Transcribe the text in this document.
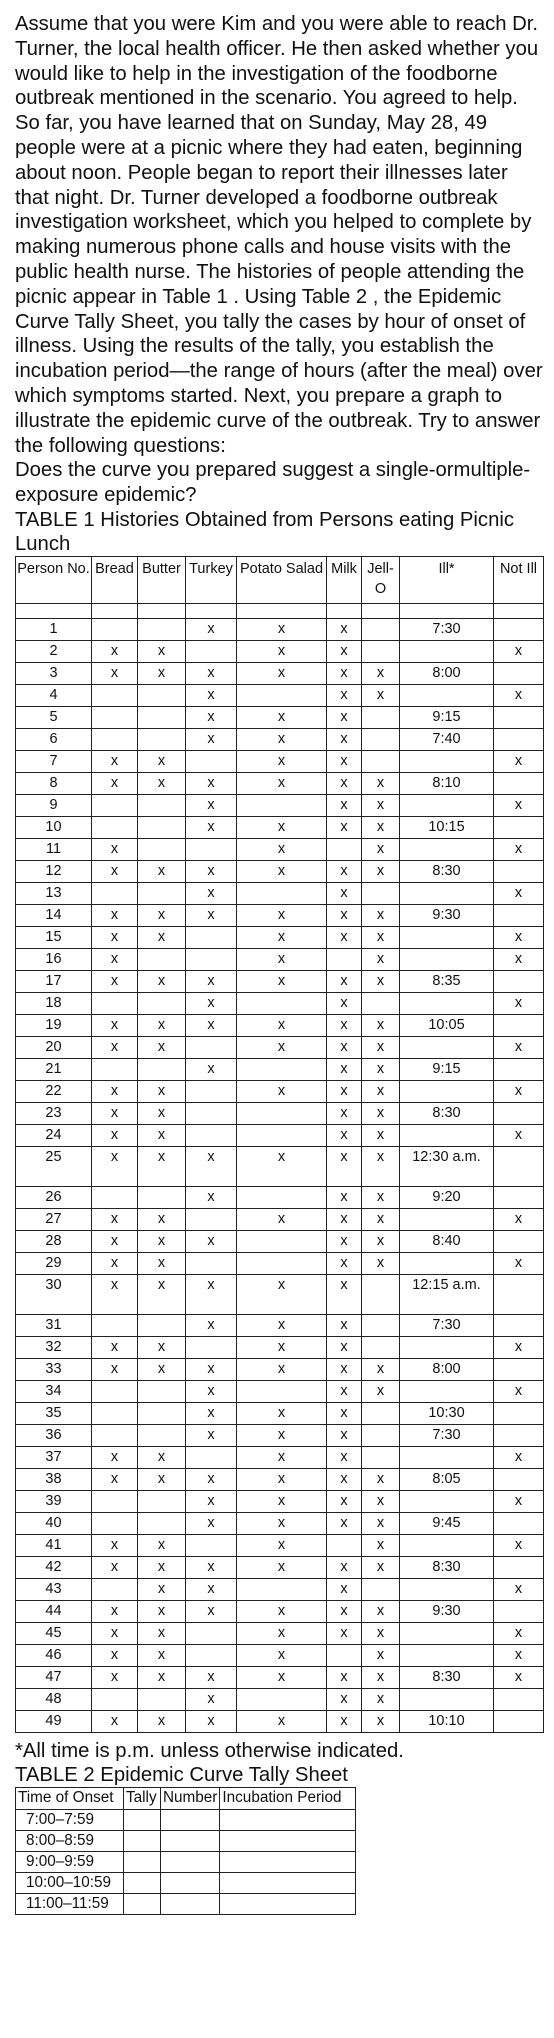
Assume that you were Kim and you were able to reach Dr. Turner, the local health officer. He then asked whether you would like to help in the investigation of the foodborne outbreak mentioned in the scenario. You agreed to help. So far, you have learned that on Sunday, May 28, 49 people were at a picnic where they had eaten, beginning about noon. People began to report their illnesses later that night. Dr. Turner developed a foodborne outbreak investigation worksheet, which you helped to complete by making numerous phone calls and house visits with the public health nurse. The histories of people attending the picnic appear in Table 1 . Using Table 2 , the Epidemic Curve Tally Sheet, you tally the cases by hour of onset of illness. Using the results of the tally, you establish the incubation period—the range of hours (after the meal) over which symptoms started. Next, you prepare a graph to illustrate the epidemic curve of the outbreak. Try to answer the following questions:

Does the curve you prepared suggest a single-ormultiple-exposure epidemic?

TABLE 1 Histories Obtained from Persons eating Picnic Lunch

Person No.	Bread	Butter	Turkey	Potato Salad	Milk	Jell-O	Ill*	Not Ill

1			x	x	x		7:30	
2	x	x		x	x			x
3	x	x	x	x	x	x	8:00	
4			x		x	x		x
5			x	x	x		9:15	
6			x	x	x		7:40	
7	x	x		x	x			x
8	x	x	x	x	x	x	8:10	
9			x		x	x		x
10			x	x	x	x	10:15	
11	x			x		x		x
12	x	x	x	x	x	x	8:30	
13			x		x			x
14	x	x	x	x	x	x	9:30	
15	x	x		x	x	x		x
16	x			x		x		x
17	x	x	x	x	x	x	8:35	
18			x		x			x
19	x	x	x	x	x	x	10:05	
20	x	x		x	x	x		x
21			x		x	x	9:15	
22	x	x		x	x	x		x
23	x	x			x	x	8:30	
24	x	x			x	x		x
25	x	x	x	x	x	x	12:30 a.m.	
26			x		x	x	9:20	
27	x	x		x	x	x		x
28	x	x	x		x	x	8:40	
29	x	x			x	x		x
30	x	x	x	x	x		12:15 a.m.	
31			x	x	x		7:30	
32	x	x		x	x			x
33	x	x	x	x	x	x	8:00	
34			x		x	x		x
35			x	x	x		10:30	
36			x	x	x		7:30	
37	x	x		x	x			x
38	x	x	x	x	x	x	8:05	
39			x	x	x	x		x
40			x	x	x	x	9:45	
41	x	x		x		x		x
42	x	x	x	x	x	x	8:30	
43		x	x		x			x
44	x	x	x	x	x	x	9:30	
45	x	x		x	x	x		x
46	x	x		x		x		x
47	x	x	x	x	x	x	8:30	x
48			x		x	x		
49	x	x	x	x	x	x	10:10	

*All time is p.m. unless otherwise indicated.

TABLE 2 Epidemic Curve Tally Sheet

Time of Onset	Tally	Number	Incubation Period
7:00–7:59			
8:00–8:59			
9:00–9:59			
10:00–10:59			
11:00–11:59			
